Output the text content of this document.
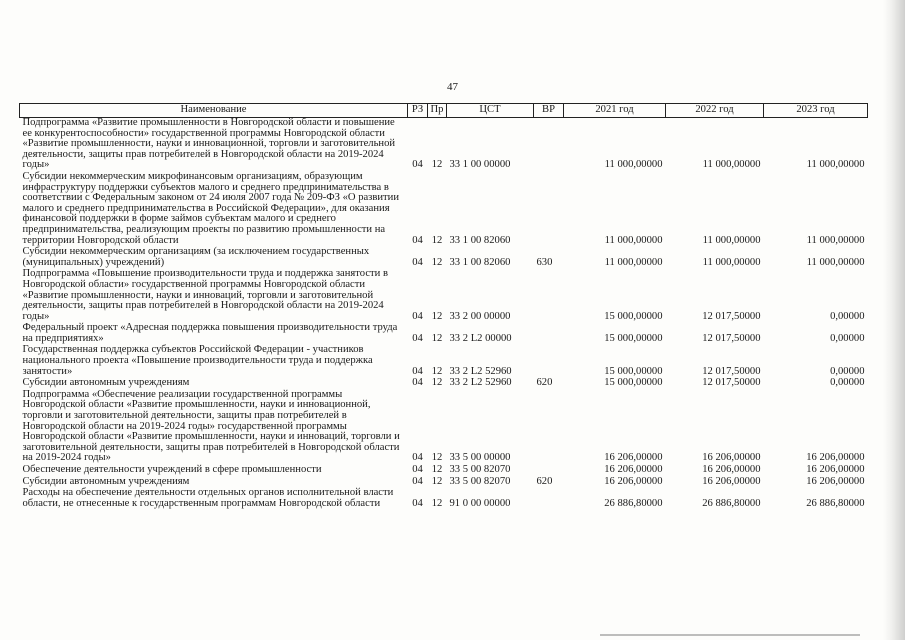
47
Наименование	РЗ	Пр	ЦСТ	ВР	2021 год	2022 год	2023 год
Подпрограмма «Развитие промышленности в Новгородской области и повышение ее конкурентоспособности» государственной программы Новгородской области «Развитие промышленности, науки и инновационной, торговли и заготовительной деятельности, защиты прав потребителей в Новгородской области на 2019-2024 годы»	04	12	33 1 00 00000		11 000,00000	11 000,00000	11 000,00000
Субсидии некоммерческим микрофинансовым организациям, образующим инфраструктуру поддержки субъектов малого и среднего предпринимательства в соответствии с Федеральным законом от 24 июля 2007 года № 209-ФЗ «О развитии малого и среднего предпринимательства в Российской Федерации», для оказания финансовой поддержки в форме займов субъектам малого и среднего предпринимательства, реализующим проекты по развитию промышленности на территории Новгородской области	04	12	33 1 00 82060		11 000,00000	11 000,00000	11 000,00000
Субсидии некоммерческим организациям (за исключением государственных (муниципальных) учреждений)	04	12	33 1 00 82060	630	11 000,00000	11 000,00000	11 000,00000
Подпрограмма «Повышение производительности труда и поддержка занятости в Новгородской области» государственной программы Новгородской области «Развитие промышленности, науки и инноваций, торговли и заготовительной деятельности, защиты прав потребителей в Новгородской области на 2019-2024 годы»	04	12	33 2 00 00000		15 000,00000	12 017,50000	0,00000
Федеральный проект «Адресная поддержка повышения производительности труда на предприятиях»	04	12	33 2 L2 00000		15 000,00000	12 017,50000	0,00000
Государственная поддержка субъектов Российской Федерации - участников национального проекта «Повышение производительности труда и поддержка занятости»	04	12	33 2 L2 52960		15 000,00000	12 017,50000	0,00000
Субсидии автономным учреждениям	04	12	33 2 L2 52960	620	15 000,00000	12 017,50000	0,00000
Подпрограмма «Обеспечение реализации государственной программы Новгородской области «Развитие промышленности, науки и инновационной, торговли и заготовительной деятельности, защиты прав потребителей в Новгородской области на 2019-2024 годы» государственной программы Новгородской области «Развитие промышленности, науки и инноваций, торговли и заготовительной деятельности, защиты прав потребителей в Новгородской области на 2019-2024 годы»	04	12	33 5 00 00000		16 206,00000	16 206,00000	16 206,00000
Обеспечение деятельности учреждений в сфере промышленности	04	12	33 5 00 82070		16 206,00000	16 206,00000	16 206,00000
Субсидии автономным учреждениям	04	12	33 5 00 82070	620	16 206,00000	16 206,00000	16 206,00000
Расходы на обеспечение деятельности отдельных органов исполнительной власти области, не отнесенные к государственным программам Новгородской области	04	12	91 0 00 00000		26 886,80000	26 886,80000	26 886,80000
